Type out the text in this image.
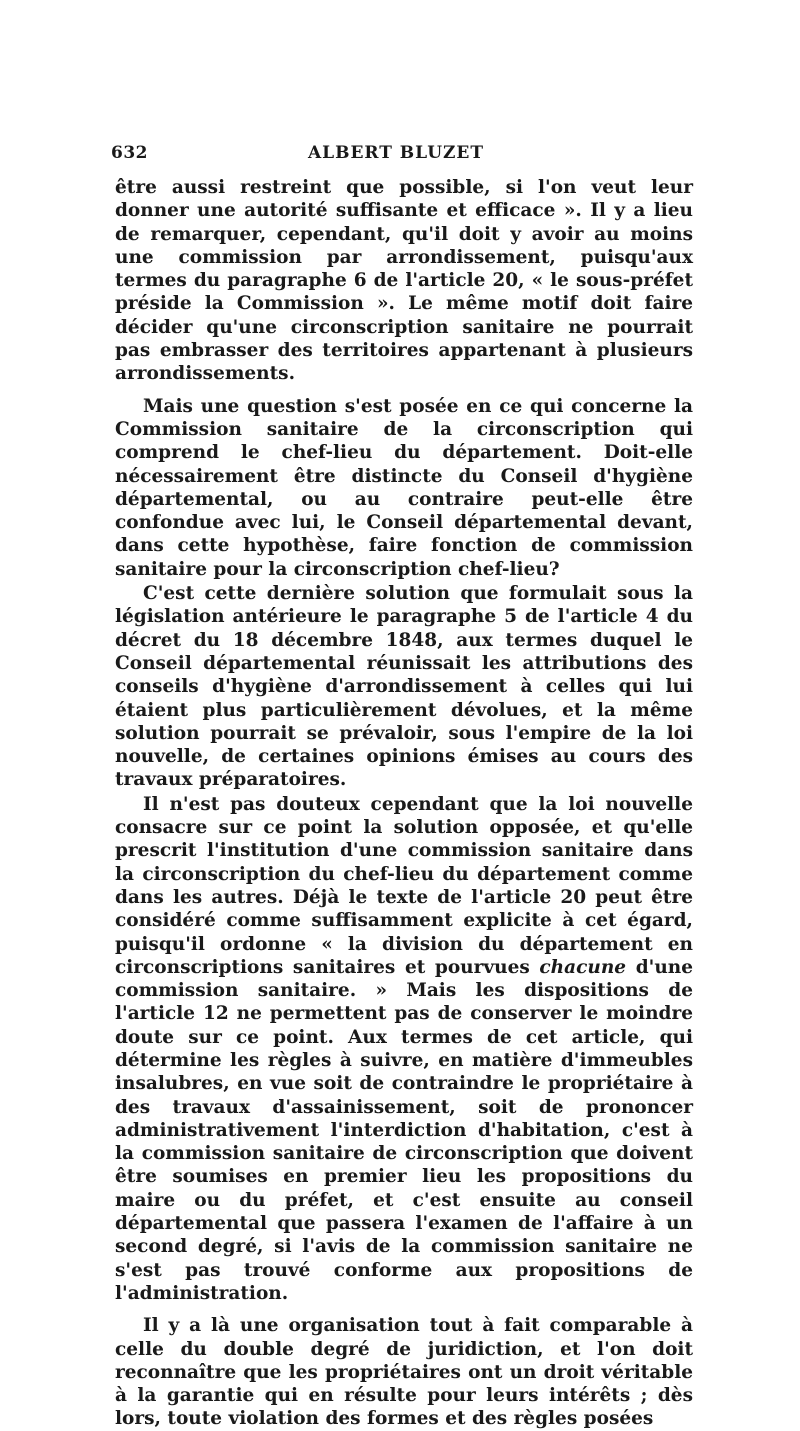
632	ALBERT BLUZET

être aussi restreint que possible, si l'on veut leur donner une autorité suffisante et efficace ». Il y a lieu de remarquer, cependant, qu'il doit y avoir au moins une commission par arrondissement, puisqu'aux termes du paragraphe 6 de l'article 20, « le sous-préfet préside la Commission ». Le même motif doit faire décider qu'une circonscription sanitaire ne pourrait pas embrasser des territoires appartenant à plusieurs arrondissements.

Mais une question s'est posée en ce qui concerne la Commission sanitaire de la circonscription qui comprend le chef-lieu du département. Doit-elle nécessairement être distincte du Conseil d'hygiène départemental, ou au contraire peut-elle être confondue avec lui, le Conseil départemental devant, dans cette hypothèse, faire fonction de commission sanitaire pour la circonscription chef-lieu?

C'est cette dernière solution que formulait sous la législation antérieure le paragraphe 5 de l'article 4 du décret du 18 décembre 1848, aux termes duquel le Conseil départemental réunissait les attributions des conseils d'hygiène d'arrondissement à celles qui lui étaient plus particulièrement dévolues, et la même solution pourrait se prévaloir, sous l'empire de la loi nouvelle, de certaines opinions émises au cours des travaux préparatoires.

Il n'est pas douteux cependant que la loi nouvelle consacre sur ce point la solution opposée, et qu'elle prescrit l'institution d'une commission sanitaire dans la circonscription du chef-lieu du département comme dans les autres. Déjà le texte de l'article 20 peut être considéré comme suffisamment explicite à cet égard, puisqu'il ordonne « la division du département en circonscriptions sanitaires et pourvues chacune d'une commission sanitaire. » Mais les dispositions de l'article 12 ne permettent pas de conserver le moindre doute sur ce point. Aux termes de cet article, qui détermine les règles à suivre, en matière d'immeubles insalubres, en vue soit de contraindre le propriétaire à des travaux d'assainissement, soit de prononcer administrativement l'interdiction d'habitation, c'est à la commission sanitaire de circonscription que doivent être soumises en premier lieu les propositions du maire ou du préfet, et c'est ensuite au conseil départemental que passera l'examen de l'affaire à un second degré, si l'avis de la commission sanitaire ne s'est pas trouvé conforme aux propositions de l'administration.

Il y a là une organisation tout à fait comparable à celle du double degré de juridiction, et l'on doit reconnaître que les propriétaires ont un droit véritable à la garantie qui en résulte pour leurs intérêts ; dès lors, toute violation des formes et des règles posées
